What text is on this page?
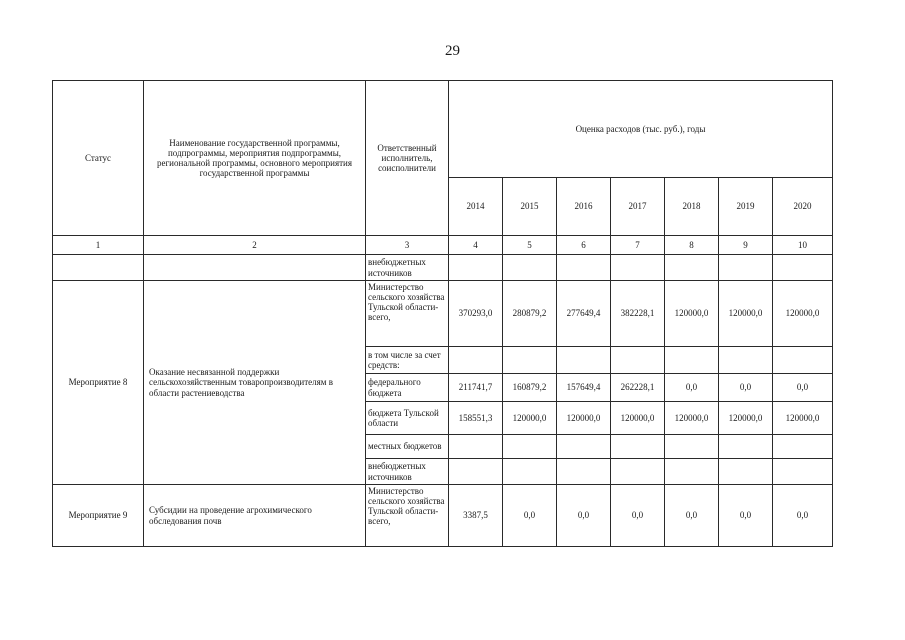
29
Статус	Наименование государственной программы, подпрограммы, мероприятия подпрограммы, региональной программы, основного мероприятия государственной программы	Ответственный исполнитель, соисполнители	Оценка расходов (тыс. руб.), годы						
			2014	2015	2016	2017	2018	2019	2020
1	2	3	4	5	6	7	8	9	10
		внебюджетных источников							
Мероприятие 8	Оказание несвязанной поддержки сельскохозяйственным товаропроизводителям в области растениеводства	Министерство сельского хозяйства Тульской области- всего,	370293,0	280879,2	277649,4	382228,1	120000,0	120000,0	120000,0
		в том числе за счет средств:							
		федерального бюджета	211741,7	160879,2	157649,4	262228,1	0,0	0,0	0,0
		бюджета Тульской области	158551,3	120000,0	120000,0	120000,0	120000,0	120000,0	120000,0
		местных бюджетов							
		внебюджетных источников							
Мероприятие 9	Субсидии на проведение агрохимического обследования почв	Министерство сельского хозяйства Тульской области- всего,	3387,5	0,0	0,0	0,0	0,0	0,0	0,0
